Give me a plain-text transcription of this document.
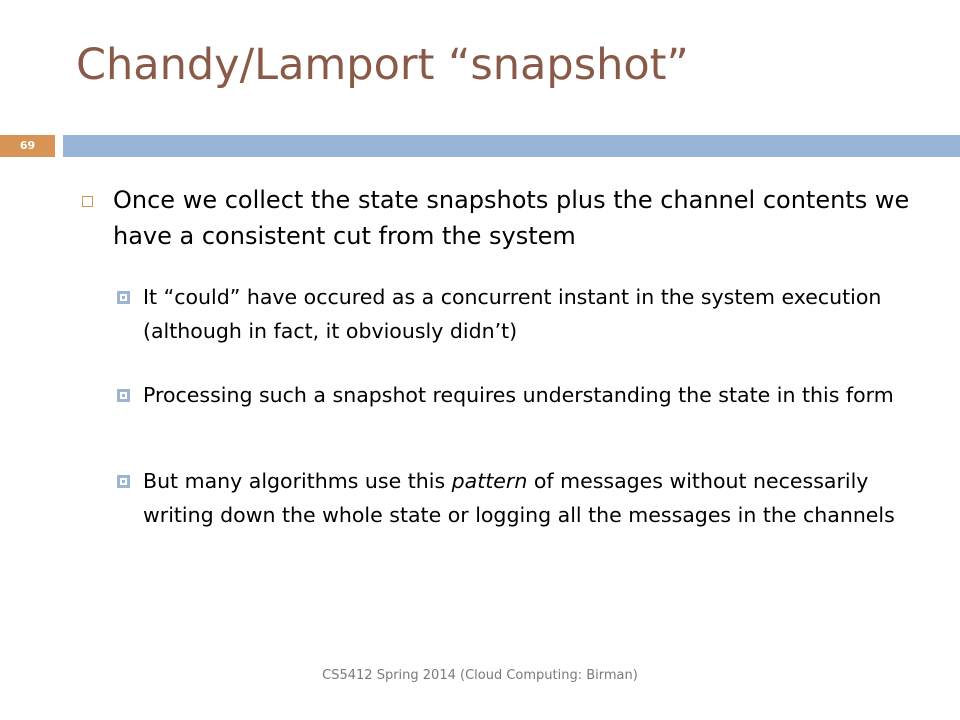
Chandy/Lamport “snapshot”
69

Once we collect the state snapshots plus the channel contents we have a consistent cut from the system

It “could” have occured as a concurrent instant in the system execution (although in fact, it obviously didn’t)

Processing such a snapshot requires understanding the state in this form

But many algorithms use this pattern of messages without necessarily writing down the whole state or logging all the messages in the channels

CS5412 Spring 2014 (Cloud Computing: Birman)
